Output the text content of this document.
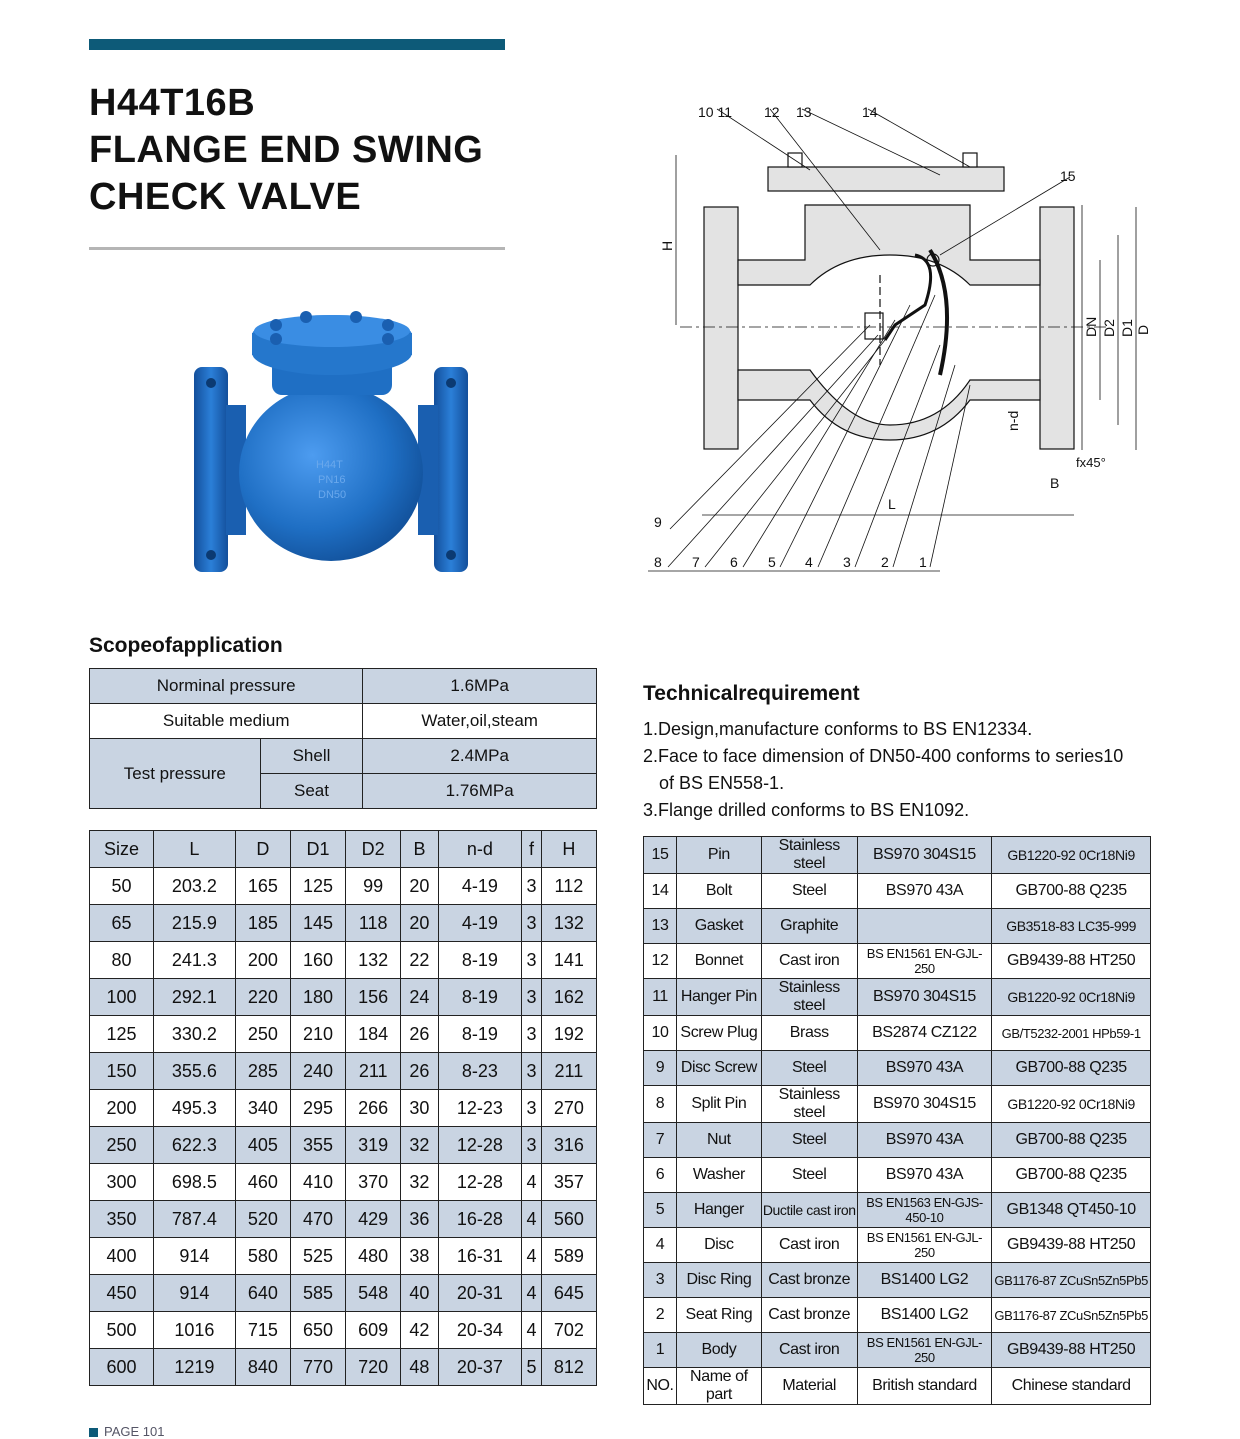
H44T16B
FLANGE END SWING
CHECK VALVE
H44T
PN16
DN50
10 11 12 13	14
15
9
8 7 6 5 4 3 2 1
H
DN D2 D1 D
n-d
fx45°
B
L
Scopeofapplication
Norminal pressure		1.6MPa
Suitable medium		Water,oil,steam
Test pressure	Shell	2.4MPa
	Seat	1.76MPa
Size	L	D	D1	D2	B	n-d	f	H
50	203.2	165	125	99	20	4-19	3	112
65	215.9	185	145	118	20	4-19	3	132
80	241.3	200	160	132	22	8-19	3	141
100	292.1	220	180	156	24	8-19	3	162
125	330.2	250	210	184	26	8-19	3	192
150	355.6	285	240	211	26	8-23	3	211
200	495.3	340	295	266	30	12-23	3	270
250	622.3	405	355	319	32	12-28	3	316
300	698.5	460	410	370	32	12-28	4	357
350	787.4	520	470	429	36	16-28	4	560
400	914	580	525	480	38	16-31	4	589
450	914	640	585	548	40	20-31	4	645
500	1016	715	650	609	42	20-34	4	702
600	1219	840	770	720	48	20-37	5	812
Technicalrequirement
1.Design,manufacture conforms to BS EN12334.
2.Face to face dimension of DN50-400 conforms to series10
of BS EN558-1.
3.Flange drilled conforms to BS EN1092.
15	Pin	Stainless steel	BS970 304S15	GB1220-92 0Cr18Ni9
14	Bolt	Steel	BS970 43A	GB700-88 Q235
13	Gasket	Graphite		GB3518-83 LC35-999
12	Bonnet	Cast iron	BS EN1561 EN-GJL-250	GB9439-88 HT250
11	Hanger Pin	Stainless steel	BS970 304S15	GB1220-92 0Cr18Ni9
10	Screw Plug	Brass	BS2874 CZ122	GB/T5232-2001 HPb59-1
9	Disc Screw	Steel	BS970 43A	GB700-88 Q235
8	Split Pin	Stainless steel	BS970 304S15	GB1220-92 0Cr18Ni9
7	Nut	Steel	BS970 43A	GB700-88 Q235
6	Washer	Steel	BS970 43A	GB700-88 Q235
5	Hanger	Ductile cast iron	BS EN1563 EN-GJS-450-10	GB1348 QT450-10
4	Disc	Cast iron	BS EN1561 EN-GJL-250	GB9439-88 HT250
3	Disc Ring	Cast bronze	BS1400 LG2	GB1176-87 ZCuSn5Zn5Pb5
2	Seat Ring	Cast bronze	BS1400 LG2	GB1176-87 ZCuSn5Zn5Pb5
1	Body	Cast iron	BS EN1561 EN-GJL-250	GB9439-88 HT250
NO.	Name of part	Material	British standard	Chinese standard
PAGE 101
